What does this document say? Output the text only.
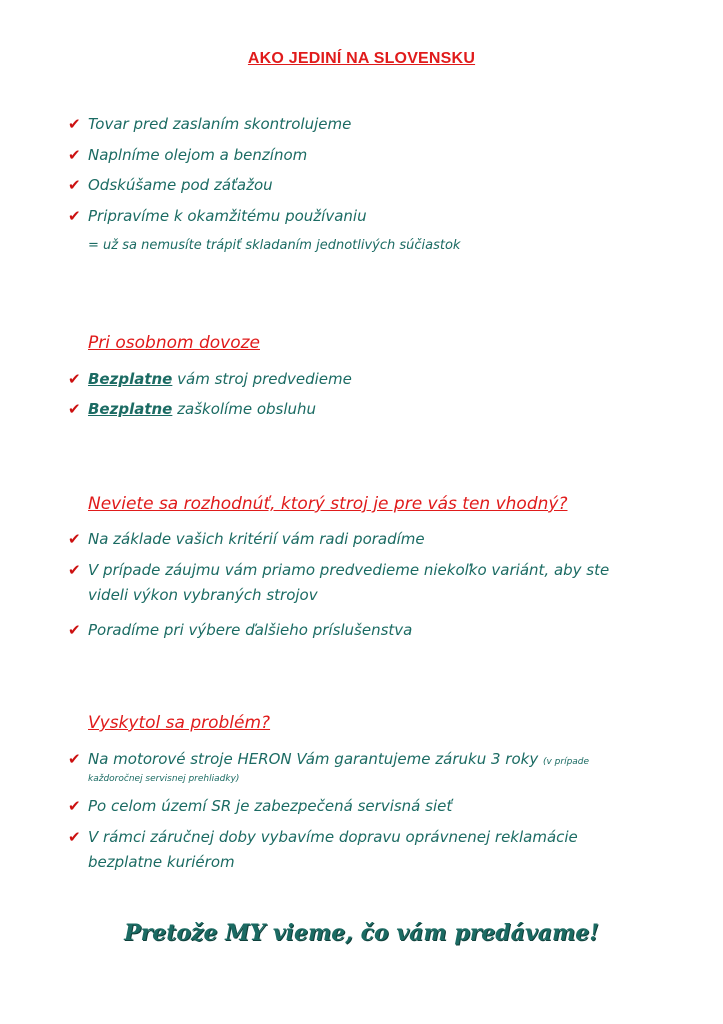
AKO JEDINÍ NA SLOVENSKU
✔ Tovar pred zaslaním skontrolujeme
✔ Naplníme olejom a benzínom
✔ Odskúšame pod záťažou
✔ Pripravíme k okamžitému používaniu
= už sa nemusíte trápiť skladaním jednotlivých súčiastok
Pri osobnom dovoze
✔ Bezplatne vám stroj predvedieme
✔ Bezplatne zaškolíme obsluhu
Neviete sa rozhodnúť, ktorý stroj je pre vás ten vhodný?
✔ Na základe vašich kritérií vám radi poradíme
✔ V prípade záujmu vám priamo predvedieme niekoľko variánt, aby ste
videli výkon vybraných strojov
✔ Poradíme pri výbere ďalšieho príslušenstva
Vyskytol sa problém?
✔ Na motorové stroje HERON Vám garantujeme záruku 3 roky (v prípade
každoročnej servisnej prehliadky)
✔ Po celom území SR je zabezpečená servisná sieť
✔ V rámci záručnej doby vybavíme dopravu oprávnenej reklamácie
bezplatne kuriérom
Pretože MY vieme, čo vám predávame!
